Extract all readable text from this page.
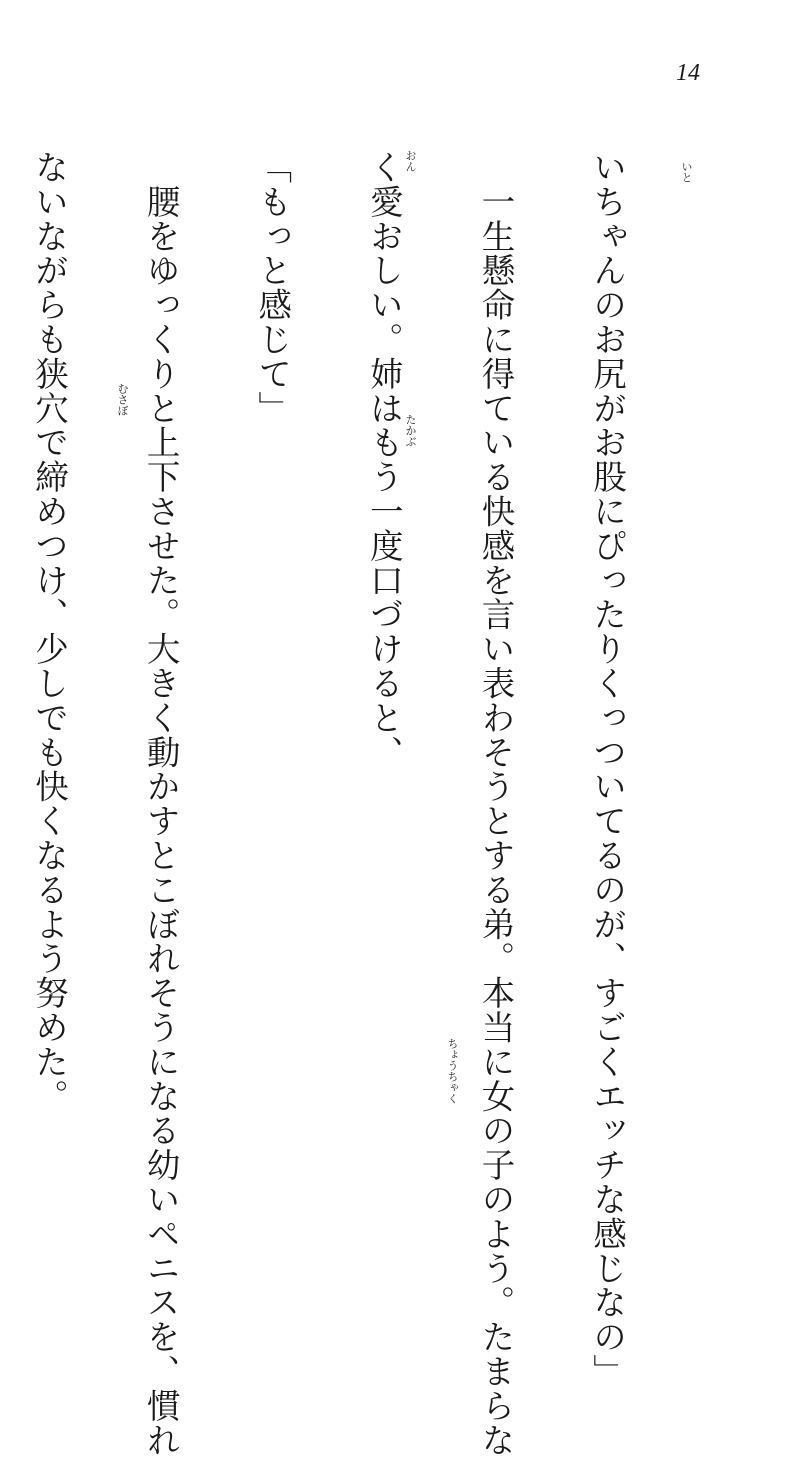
14

いちゃんのお尻がお股にぴったりくっついてるのが、すごくエッチな感じなの」

　一生懸命に得ている快感を言い表わそうとする弟。本当に女の子のよう。たまらな

く愛おしい。姉はもう一度口づけると、

「もっと感じて」

　腰をゆっくりと上下させた。大きく動かすとこぼれそうになる幼いペニスを、慣れ

ないながらも狭穴で締めつけ、少しでも快くなるよう努めた。

	いと
ちょうちゃく
おん
たかぶ
むさぼ
